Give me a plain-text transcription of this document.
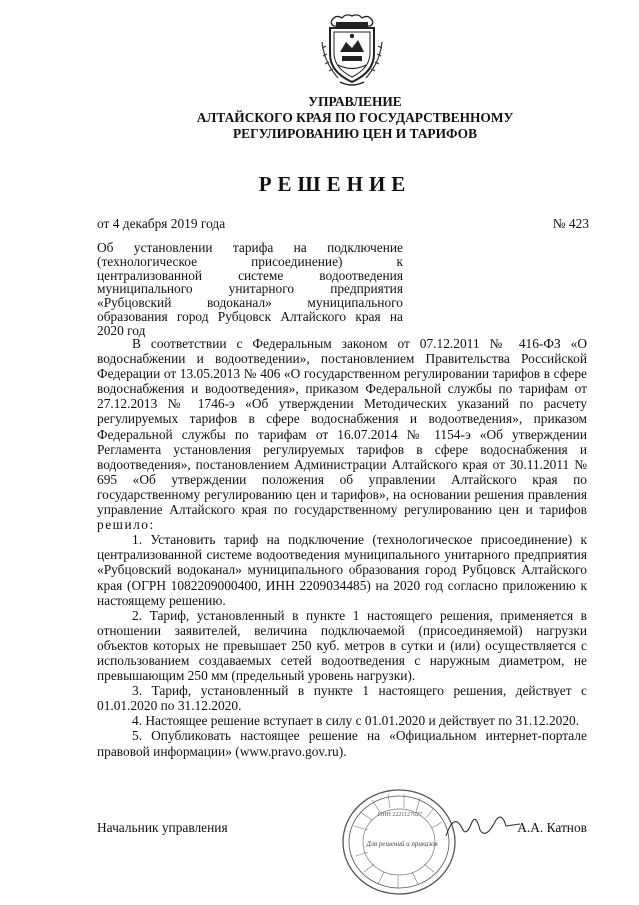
УПРАВЛЕНИЕ
АЛТАЙСКОГО КРАЯ ПО ГОСУДАРСТВЕННОМУ
РЕГУЛИРОВАНИЮ ЦЕН И ТАРИФОВ
РЕШЕНИЕ
от 4 декабря 2019 года	№ 423
Об установлении тарифа на подключение (технологическое присоединение) к централизованной системе водоотведения муниципального унитарного предприятия «Рубцовский водоканал» муниципального образования город Рубцовск Алтайского края на 2020 год

В соответствии с Федеральным законом от 07.12.2011 № 416-ФЗ «О водоснабжении и водоотведении», постановлением Правительства Российской Федерации от 13.05.2013 № 406 «О государственном регулировании тарифов в сфере водоснабжения и водоотведения», приказом Федеральной службы по тарифам от 27.12.2013 № 1746-э «Об утверждении Методических указаний по расчету регулируемых тарифов в сфере водоснабжения и водоотведения», приказом Федеральной службы по тарифам от 16.07.2014 № 1154-э «Об утверждении Регламента установления регулируемых тарифов в сфере водоснабжения и водоотведения», постановлением Администрации Алтайского края от 30.11.2011 № 695 «Об утверждении положения об управлении Алтайского края по государственному регулированию цен и тарифов», на основании решения правления управление Алтайского края по государственному регулированию цен и тарифов решило:

1. Установить тариф на подключение (технологическое присоединение) к централизованной системе водоотведения муниципального унитарного предприятия «Рубцовский водоканал» муниципального образования город Рубцовск Алтайского края (ОГРН 1082209000400, ИНН 2209034485) на 2020 год согласно приложению к настоящему решению.

2. Тариф, установленный в пункте 1 настоящего решения, применяется в отношении заявителей, величина подключаемой (присоединяемой) нагрузки объектов которых не превышает 250 куб. метров в сутки и (или) осуществляется с использованием создаваемых сетей водоотведения с наружным диаметром, не превышающим 250 мм (предельный уровень нагрузки).

3. Тариф, установленный в пункте 1 настоящего решения, действует с 01.01.2020 по 31.12.2020.

4. Настоящее решение вступает в силу с 01.01.2020 и действует по 31.12.2020.

5. Опубликовать настоящее решение на «Официальном интернет-портале правовой информации» (www.pravo.gov.ru).

Для решений и приказов
ИНН 2221127627
Начальник управления	А.А. Катнов
